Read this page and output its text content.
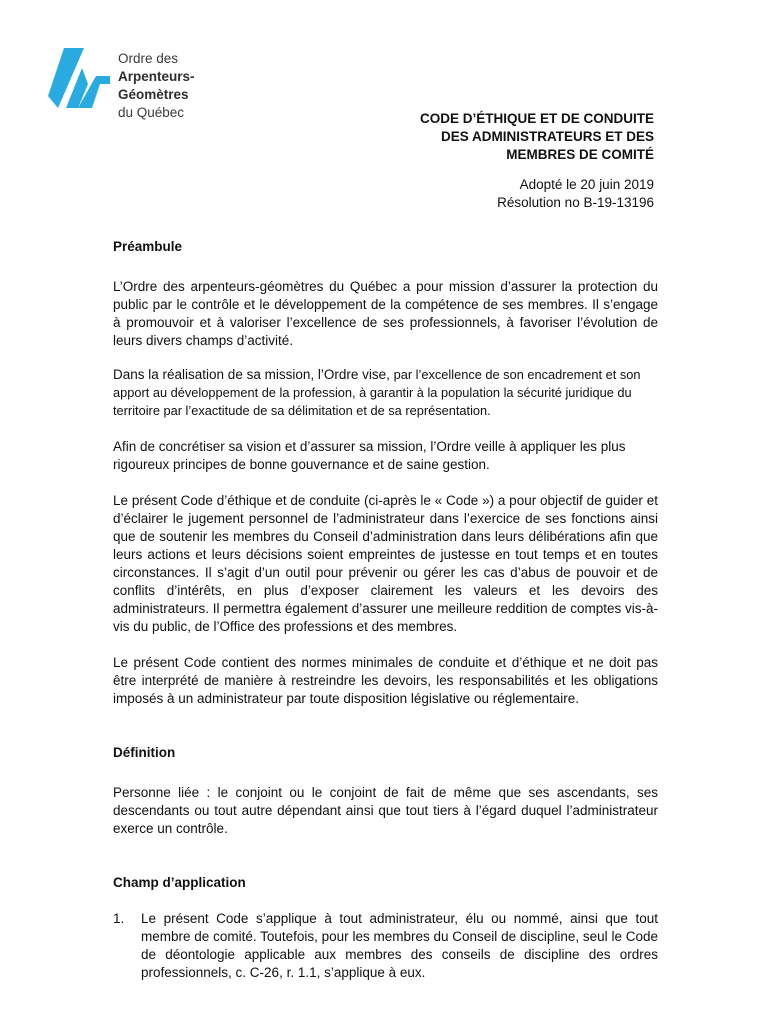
Ordre des
Arpenteurs-Géomètres
du Québec	CODE D’ÉTHIQUE ET DE CONDUITE
DES ADMINISTRATEURS ET DES
MEMBRES DE COMITÉ
Adopté le 20 juin 2019
Résolution no B-19-13196
Préambule

L’Ordre des arpenteurs-géomètres du Québec a pour mission d’assurer la protection du public par le contrôle et le développement de la compétence de ses membres. Il s’engage à promouvoir et à valoriser l’excellence de ses professionnels, à favoriser l’évolution de leurs divers champs d’activité.

Dans la réalisation de sa mission, l’Ordre vise, par l’excellence de son encadrement et son apport au développement de la profession, à garantir à la population la sécurité juridique du territoire par l’exactitude de sa délimitation et de sa représentation.

Afin de concrétiser sa vision et d’assurer sa mission, l’Ordre veille à appliquer les plus rigoureux principes de bonne gouvernance et de saine gestion.

Le présent Code d’éthique et de conduite (ci-après le « Code ») a pour objectif de guider et d’éclairer le jugement personnel de l’administrateur dans l’exercice de ses fonctions ainsi que de soutenir les membres du Conseil d’administration dans leurs délibérations afin que leurs actions et leurs décisions soient empreintes de justesse en tout temps et en toutes circonstances. Il s’agit d’un outil pour prévenir ou gérer les cas d’abus de pouvoir et de conflits d’intérêts, en plus d’exposer clairement les valeurs et les devoirs des administrateurs. Il permettra également d’assurer une meilleure reddition de comptes vis-à-vis du public, de l’Office des professions et des membres.

Le présent Code contient des normes minimales de conduite et d’éthique et ne doit pas être interprété de manière à restreindre les devoirs, les responsabilités et les obligations imposés à un administrateur par toute disposition législative ou réglementaire.

Définition

Personne liée : le conjoint ou le conjoint de fait de même que ses ascendants, ses descendants ou tout autre dépendant ainsi que tout tiers à l’égard duquel l’administrateur exerce un contrôle.

Champ d’application
1. Le présent Code s’applique à tout administrateur, élu ou nommé, ainsi que tout membre de comité. Toutefois, pour les membres du Conseil de discipline, seul le Code de déontologie applicable aux membres des conseils de discipline des ordres professionnels, c. C-26, r. 1.1, s’applique à eux.
